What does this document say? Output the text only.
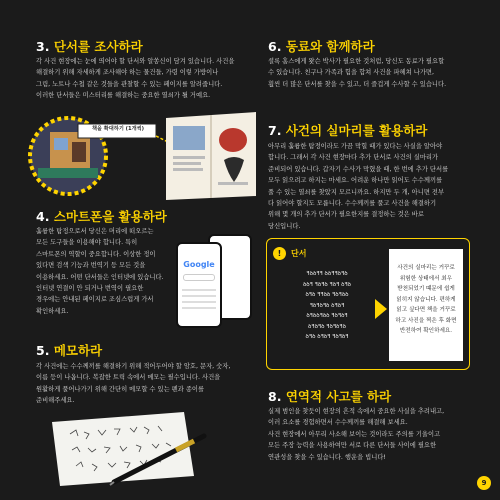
3. 단서를 조사하라
각 사건 현장에는 눈에 띄어야 할 단서와 알쏭신이 담겨 있습니다. 사건을
해결하기 위해 자세하게 조사해야 하는 물건들, 가령 이렇 가방이나
그림, 노트나 수첩 같은 것들을 관찰할 수 있는 페이지를 알려줍니다.
이러한 단서들은 미스터리를 해결하는 중요한 열쇠가 될 거예요.
책을 확대하기 (1개씩)
4. 스마트폰을 활용하라
훌륭한 탐정으로서 당신은 머리에 떠오르는
모든 도구들을 이용해야 합니다. 특히
스마트폰의 역할이 중요합니다. 이상한 정이
있다면 검색 기능과 번역기 등 모든 것을
이용하세요. 어떤 단서들은 인터넷에 있습니다.
인터넷 연결이 안 되거나 번역이 필요한
경우에는 안내된 페이지로 조심스럽게 가서
확인하세요.
Google
5. 메모하라
각 사건에는 수수께끼를 해결하기 위해 적어두어야 할 암호, 문자, 숫자,
이름 등이 나옵니다. 복잡한 트릭 속에서 메모는 필수입니다. 사건을
원활하게 풀어나가기 위해 간단히 메모할 수 있는 펜과 종이를
준비해주세요.
6. 동료와 함께하라
셜록 홈스에게 왓슨 박사가 필요한 것처럼, 당신도 동료가 필요할
수 있습니다. 친구나 가족과 힘을 합쳐 사건을 파헤쳐 나가면,
훨씬 더 많은 단서를 찾을 수 있고, 더 즐겁게 수사할 수 있습니다.
7. 사건의 실마리를 활용하라
아무리 훌륭한 탐정이라도 가끔 막힐 때가 있다는 사실을 알아야
합니다. 그래서 각 사건 현장마다 추가 단서로 사건의 실마리가
준비되어 있습니다. 갑자기 수사가 막혔을 때, 한 번에 추가 단서를
모두 읽으려고 하지는 마세요. 어려운 하나만 읽어도 수수께끼를
풀 수 있는 열쇠를 찾았지 모르니까요. 하지만 두 개, 아니면 전부
다 읽어야 할지도 모릅니다. 수수께끼를 풀고 사건을 해결하기
위해 몇 개의 추가 단서가 필요한지를 결정하는 것은 바로
당신입니다.
!	단서
ꟻꝺꝺꟻꟻ ꝺꝺꟻꟻꝺꟻꝺ
ꝺꝺꟻ ꟻꝺꟻꝺ ꟻꝺꟻ ꝺꟻꝺ
ꝺꟻꝺ ꟻꟻꝺꝺ ꟻꝺꟻꝺꝺ
ꟻꝺꟻꝺꟻꝺ ꝺꟻꝺꟻ
ꝺꟻꝺꝺꟻꝺꝺ ꟻꝺꟻꝺꟻ
ꝺꟻꝺꟻꝺ ꟻꝺꟻꝺꟻꝺ
ꝺꟻꝺ ꝺꟻꝺꟻ ꟻꝺꟻꝺꟻ
사건의 실마리는 거꾸로
위험한 상태에서 최우
받천되었기 떄문에 쉽게
읽히지 않습니다. 편하게
읽고 싶다면 책을 거꾸로
하고 사진을 찍은 후 화면
반전하여 확인하세요.
8. 연역적 사고를 하라
실제 범인을 찾듯이 현장의 흔적 속에서 중요한 사실을 추려내고,
이러 요소를 경험하면서 수수께끼를 해결해 보세요.
사건 현장에서 아무리 사소해 보이는 것이라도 주의를 기울이고
모든 주장 능력을 사용하여만 서로 다른 단서들 사이에 필요한
연관성을 찾을 수 있습니다. 행운을 빕니다!
9
